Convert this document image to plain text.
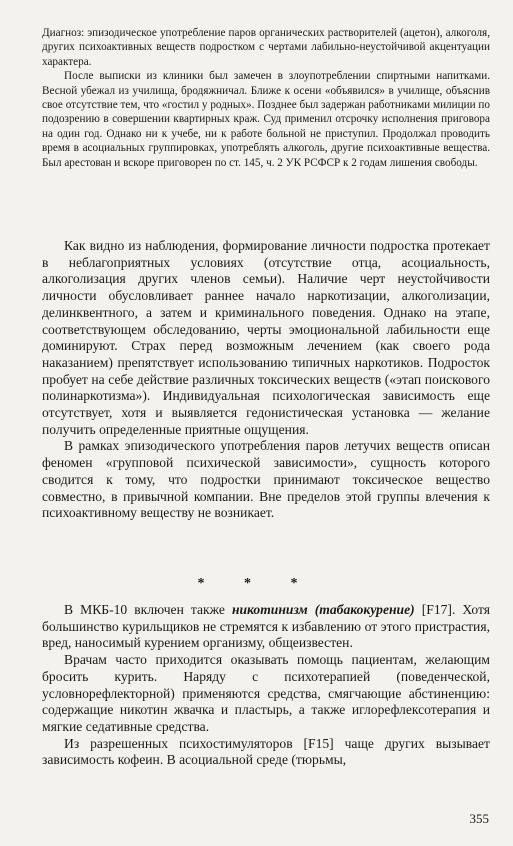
Диагноз: эпизодическое употребление паров органических растворителей (ацетон), алкоголя, других психоактивных веществ подростком с чертами лабильно-неустойчивой акцентуации характера.

После выписки из клиники был замечен в злоупотреблении спиртными напитками. Весной убежал из училища, бродяжничал. Ближе к осени «объявился» в училище, объяснив свое отсутствие тем, что «гостил у родных». Позднее был задержан работниками милиции по подозрению в совершении квартирных краж. Суд применил отсрочку исполнения приговора на один год. Однако ни к учебе, ни к работе больной не приступил. Продолжал проводить время в асоциальных группировках, употреблять алкоголь, другие психоактивные вещества. Был арестован и вскоре приговорен по ст. 145, ч. 2 УК РСФСР к 2 годам лишения свободы.

Как видно из наблюдения, формирование личности подростка протекает в неблагоприятных условиях (отсутствие отца, асоциальность, алкоголизация других членов семьи). Наличие черт неустойчивости личности обусловливает раннее начало наркотизации, алкоголизации, делинквентного, а затем и криминального поведения. Однако на этапе, соответствующем обследованию, черты эмоциональной лабильности еще доминируют. Страх перед возможным лечением (как своего рода наказанием) препятствует использованию типичных наркотиков. Подросток пробует на себе действие различных токсических веществ («этап поискового полинаркотизма»). Индивидуальная психологическая зависимость еще отсутствует, хотя и выявляется гедонистическая установка — желание получить определенные приятные ощущения.

В рамках эпизодического употребления паров летучих веществ описан феномен «групповой психической зависимости», сущность которого сводится к тому, что подростки принимают токсическое вещество совместно, в привычной компании. Вне пределов этой группы влечения к психоактивному веществу не возникает.

* * *

В МКБ-10 включен также никотинизм (табакокурение) [F17]. Хотя большинство курильщиков не стремятся к избавлению от этого пристрастия, вред, наносимый курением организму, общеизвестен.

Врачам часто приходится оказывать помощь пациентам, желающим бросить курить. Наряду с психотерапией (поведенческой, условнорефлекторной) применяются средства, смягчающие абстиненцию: содержащие никотин жвачка и пластырь, а также иглорефлексотерапия и мягкие седативные средства.

Из разрешенных психостимуляторов [F15] чаще других вызывает зависимость кофеин. В асоциальной среде (тюрьмы,

355
